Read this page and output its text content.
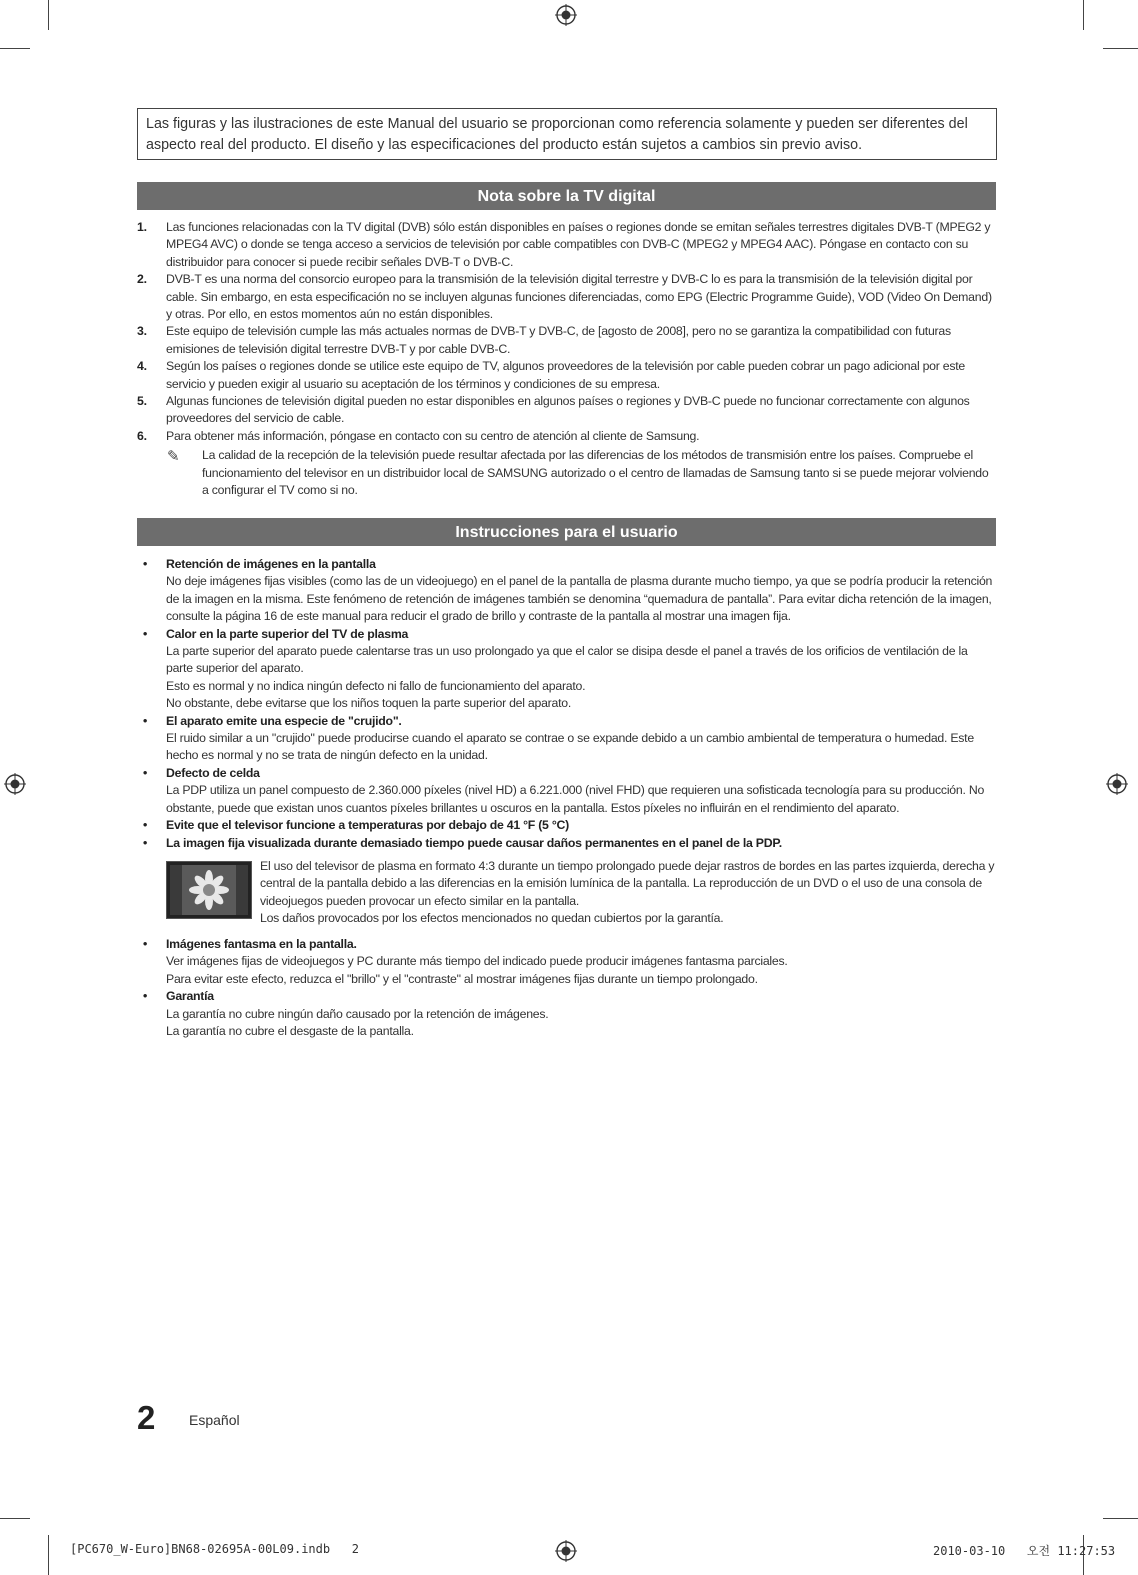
Las figuras y las ilustraciones de este Manual del usuario se proporcionan como referencia solamente y pueden ser diferentes del aspecto real del producto. El diseño y las especificaciones del producto están sujetos a cambios sin previo aviso.
Nota sobre la TV digital
1. Las funciones relacionadas con la TV digital (DVB) sólo están disponibles en países o regiones donde se emitan señales terrestres digitales DVB-T (MPEG2 y MPEG4 AVC) o donde se tenga acceso a servicios de televisión por cable compatibles con DVB-C (MPEG2 y MPEG4 AAC). Póngase en contacto con su distribuidor para conocer si puede recibir señales DVB-T o DVB-C.
2. DVB-T es una norma del consorcio europeo para la transmisión de la televisión digital terrestre y DVB-C lo es para la transmisión de la televisión digital por cable. Sin embargo, en esta especificación no se incluyen algunas funciones diferenciadas, como EPG (Electric Programme Guide), VOD (Video On Demand) y otras. Por ello, en estos momentos aún no están disponibles.
3. Este equipo de televisión cumple las más actuales normas de DVB-T y DVB-C, de [agosto de 2008], pero no se garantiza la compatibilidad con futuras emisiones de televisión digital terrestre DVB-T y por cable DVB-C.
4. Según los países o regiones donde se utilice este equipo de TV, algunos proveedores de la televisión por cable pueden cobrar un pago adicional por este servicio y pueden exigir al usuario su aceptación de los términos y condiciones de su empresa.
5. Algunas funciones de televisión digital pueden no estar disponibles en algunos países o regiones y DVB-C puede no funcionar correctamente con algunos proveedores del servicio de cable.
6. Para obtener más información, póngase en contacto con su centro de atención al cliente de Samsung.
✎ La calidad de la recepción de la televisión puede resultar afectada por las diferencias de los métodos de transmisión entre los países. Compruebe el funcionamiento del televisor en un distribuidor local de SAMSUNG autorizado o el centro de llamadas de Samsung tanto si se puede mejorar volviendo a configurar el TV como si no.
Instrucciones para el usuario
• Retención de imágenes en la pantalla
No deje imágenes fijas visibles (como las de un videojuego) en el panel de la pantalla de plasma durante mucho tiempo, ya que se podría producir la retención de la imagen en la misma. Este fenómeno de retención de imágenes también se denomina “quemadura de pantalla”. Para evitar dicha retención de la imagen, consulte la página 16 de este manual para reducir el grado de brillo y contraste de la pantalla al mostrar una imagen fija.
• Calor en la parte superior del TV de plasma
La parte superior del aparato puede calentarse tras un uso prolongado ya que el calor se disipa desde el panel a través de los orificios de ventilación de la parte superior del aparato.
Esto es normal y no indica ningún defecto ni fallo de funcionamiento del aparato.
No obstante, debe evitarse que los niños toquen la parte superior del aparato.
• El aparato emite una especie de "crujido".
El ruido similar a un "crujido" puede producirse cuando el aparato se contrae o se expande debido a un cambio ambiental de temperatura o humedad. Este hecho es normal y no se trata de ningún defecto en la unidad.
• Defecto de celda
La PDP utiliza un panel compuesto de 2.360.000 píxeles (nivel HD) a 6.221.000 (nivel FHD) que requieren una sofisticada tecnología para su producción. No obstante, puede que existan unos cuantos píxeles brillantes u oscuros en la pantalla. Estos píxeles no influirán en el rendimiento del aparato.
• Evite que el televisor funcione a temperaturas por debajo de 41 °F (5 °C)
• La imagen fija visualizada durante demasiado tiempo puede causar daños permanentes en el panel de la PDP.
El uso del televisor de plasma en formato 4:3 durante un tiempo prolongado puede dejar rastros de bordes en las partes izquierda, derecha y central de la pantalla debido a las diferencias en la emisión lumínica de la pantalla. La reproducción de un DVD o el uso de una consola de videojuegos pueden provocar un efecto similar en la pantalla.
Los daños provocados por los efectos mencionados no quedan cubiertos por la garantía.
• Imágenes fantasma en la pantalla.
Ver imágenes fijas de videojuegos y PC durante más tiempo del indicado puede producir imágenes fantasma parciales.
Para evitar este efecto, reduzca el "brillo" y el "contraste" al mostrar imágenes fijas durante un tiempo prolongado.
• Garantía
La garantía no cubre ningún daño causado por la retención de imágenes.
La garantía no cubre el desgaste de la pantalla.
2 Español
[PC670_W-Euro]BN68-02695A-00L09.indb   2	2010-03-10   오전 11:27:53
